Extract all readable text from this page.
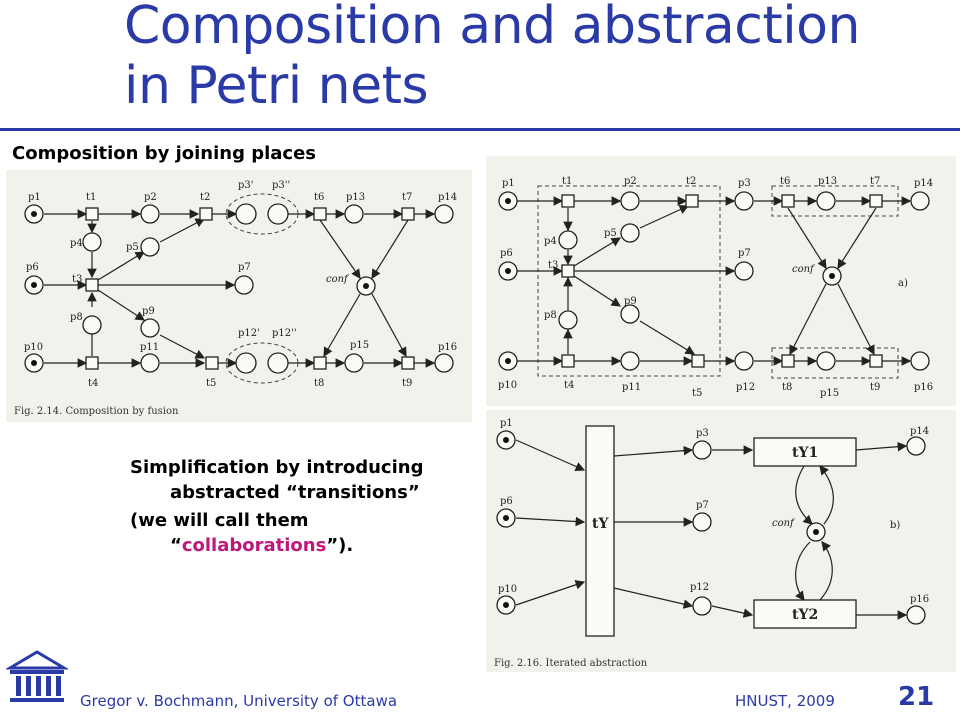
Composition and abstraction
in Petri nets
Composition by joining places
p1	t1	p2	t2
p3' p3''
t6 p13	t7	p14
p4	p5
p6
t3
p7
conf
p8
p9
p10	p11
p12' p12''
p15	p16
t4	t5	t8	t9
Fig. 2.14. Composition by fusion
p1	t1	p2	t2	p3	t6	p13	t7	p14
p4
p5
p6
t3
p7
conf
a)
p8
p9
p10	t4	p11
t5
p12	t8
p15
t9	p16
p1
p6
p10
p3
p7
p12
p14
p16
conf	b)
tY
tY1
tY2
Fig. 2.16. Iterated abstraction
Simplification by introducing
abstracted “transitions”
(we will call them
“collaborations”).
Gregor v. Bochmann, University of Ottawa	HNUST, 2009 21
